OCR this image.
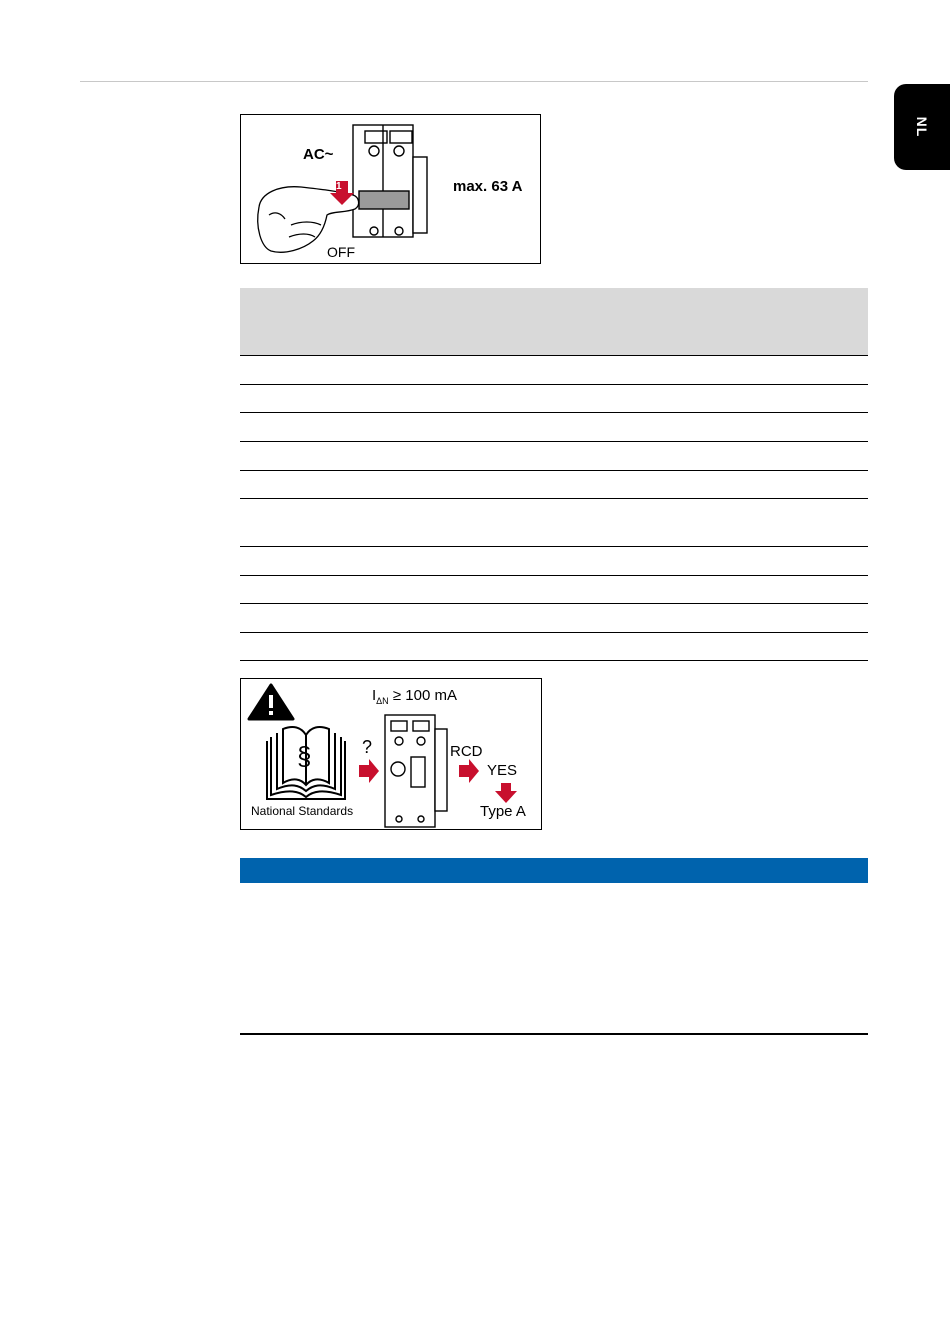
NL
1
AC~
max. 63 A
OFF
§
$I_{\Delta N} \ge 100$ mA
?	RCD
YES
Type A
National Standards
